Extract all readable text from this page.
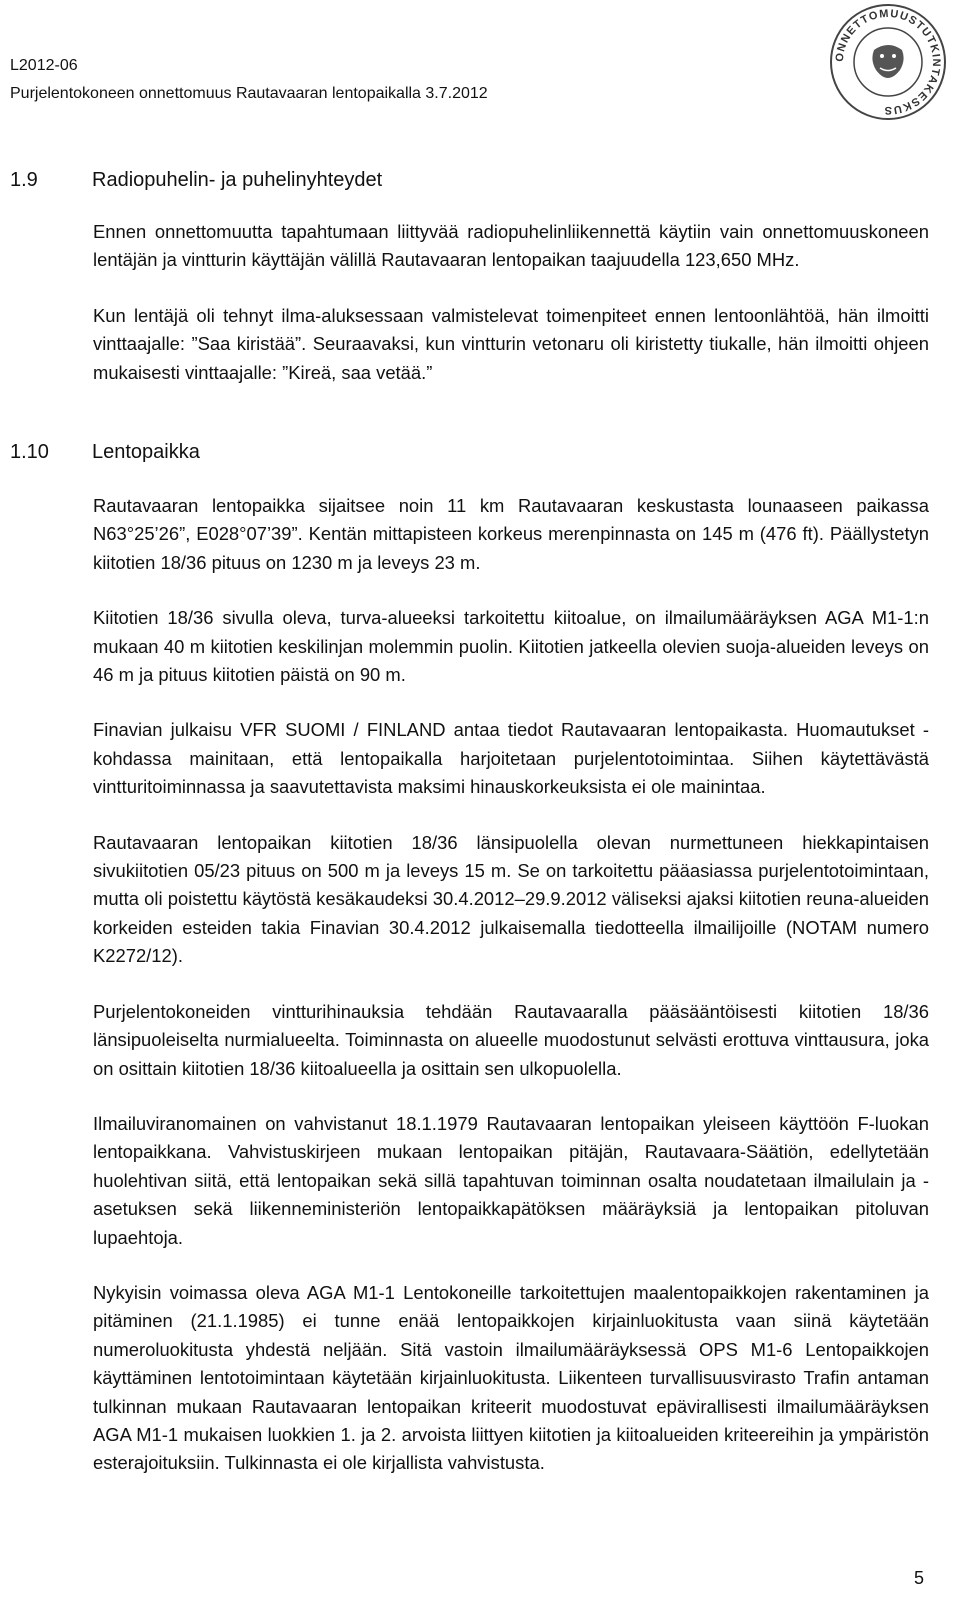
L2012-06
Purjelentokoneen onnettomuus Rautavaaran lentopaikalla 3.7.2012
ONNETTOMUUSTUTKINTAKESKUS
1.9	Radiopuhelin- ja puhelinyhteydet

Ennen onnettomuutta tapahtumaan liittyvää radiopuhelinliikennettä käytiin vain onnettomuuskoneen lentäjän ja vintturin käyttäjän välillä Rautavaaran lentopaikan taajuudella 123,650 MHz.

Kun lentäjä oli tehnyt ilma-aluksessaan valmistelevat toimenpiteet ennen lentoonlähtöä, hän ilmoitti vinttaajalle: ”Saa kiristää”. Seuraavaksi, kun vintturin vetonaru oli kiristetty tiukalle, hän ilmoitti ohjeen mukaisesti vinttaajalle: ”Kireä, saa vetää.”

1.10	Lentopaikka

Rautavaaran lentopaikka sijaitsee noin 11 km Rautavaaran keskustasta lounaaseen paikassa N63°25’26”, E028°07’39”. Kentän mittapisteen korkeus merenpinnasta on 145 m (476 ft). Päällystetyn kiitotien 18/36 pituus on 1230 m ja leveys 23 m.

Kiitotien 18/36 sivulla oleva, turva-alueeksi tarkoitettu kiitoalue, on ilmailumääräyksen AGA M1-1:n mukaan 40 m kiitotien keskilinjan molemmin puolin. Kiitotien jatkeella olevien suoja-alueiden leveys on 46 m ja pituus kiitotien päistä on 90 m.

Finavian julkaisu VFR SUOMI / FINLAND antaa tiedot Rautavaaran lentopaikasta. Huomautukset -kohdassa mainitaan, että lentopaikalla harjoitetaan purjelentotoimintaa. Siihen käytettävästä vintturitoiminnassa ja saavutettavista maksimi hinauskorkeuksista ei ole mainintaa.

Rautavaaran lentopaikan kiitotien 18/36 länsipuolella olevan nurmettuneen hiekkapintaisen sivukiitotien 05/23 pituus on 500 m ja leveys 15 m. Se on tarkoitettu pääasiassa purjelentotoimintaan, mutta oli poistettu käytöstä kesäkaudeksi 30.4.2012–29.9.2012 väliseksi ajaksi kiitotien reuna-alueiden korkeiden esteiden takia Finavian 30.4.2012 julkaisemalla tiedotteella ilmailijoille (NOTAM numero K2272/12).

Purjelentokoneiden vintturihinauksia tehdään Rautavaaralla pääsääntöisesti kiitotien 18/36 länsipuoleiselta nurmialueelta. Toiminnasta on alueelle muodostunut selvästi erottuva vinttausura, joka on osittain kiitotien 18/36 kiitoalueella ja osittain sen ulkopuolella.

Ilmailuviranomainen on vahvistanut 18.1.1979 Rautavaaran lentopaikan yleiseen käyttöön F-luokan lentopaikkana. Vahvistuskirjeen mukaan lentopaikan pitäjän, Rautavaara-Säätiön, edellytetään huolehtivan siitä, että lentopaikan sekä sillä tapahtuvan toiminnan osalta noudatetaan ilmailulain ja -asetuksen sekä liikenneministeriön lentopaikkapätöksen määräyksiä ja lentopaikan pitoluvan lupaehtoja.

Nykyisin voimassa oleva AGA M1-1 Lentokoneille tarkoitettujen maalentopaikkojen rakentaminen ja pitäminen (21.1.1985) ei tunne enää lentopaikkojen kirjainluokitusta vaan siinä käytetään numeroluokitusta yhdestä neljään. Sitä vastoin ilmailumääräyksessä OPS M1-6 Lentopaikkojen käyttäminen lentotoimintaan käytetään kirjainluokitusta. Liikenteen turvallisuusvirasto Trafin antaman tulkinnan mukaan Rautavaaran lentopaikan kriteerit muodostuvat epävirallisesti ilmailumääräyksen AGA M1-1 mukaisen luokkien 1. ja 2. arvoista liittyen kiitotien ja kiitoalueiden kriteereihin ja ympäristön esterajoituksiin. Tulkinnasta ei ole kirjallista vahvistusta.

5
